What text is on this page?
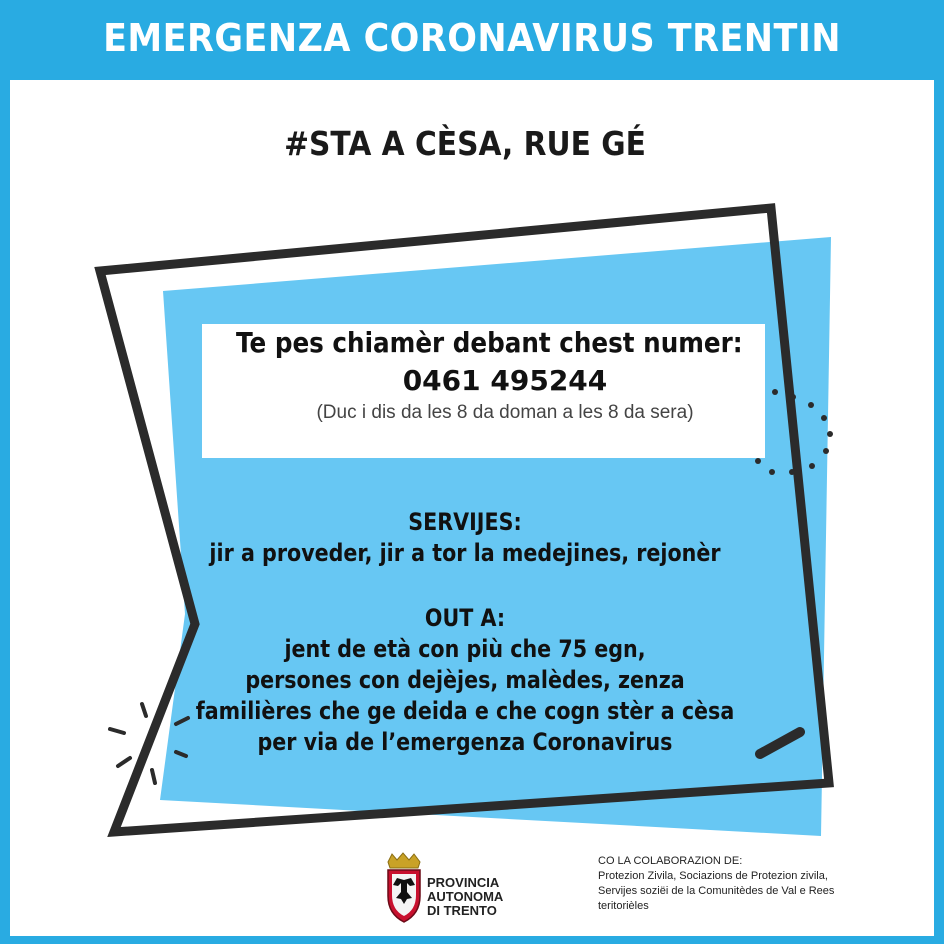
EMERGENZA CORONAVIRUS TRENTIN
#STA A CÈSA, RUE GÉ
Te pes chiamèr debant chest numer:
0461 495244
(Duc i dis da les 8 da doman a les 8 da sera)
SERVIJES:
jir a proveder, jir a tor la medejines, rejonèr
OUT A:
jent de età con più che 75 egn,
persones con dejèjes, malèdes, zenza
familières che ge deida e che cogn stèr a cèsa
per via de l’emergenza Coronavirus
PROVINCIA
AUTONOMA
DI TRENTO
CO LA COLABORAZION DE:
Protezion Zivila, Sociazions de Protezion zivila,
Servijes soziëi de la Comunitèdes de Val e Rees
teritorièles
